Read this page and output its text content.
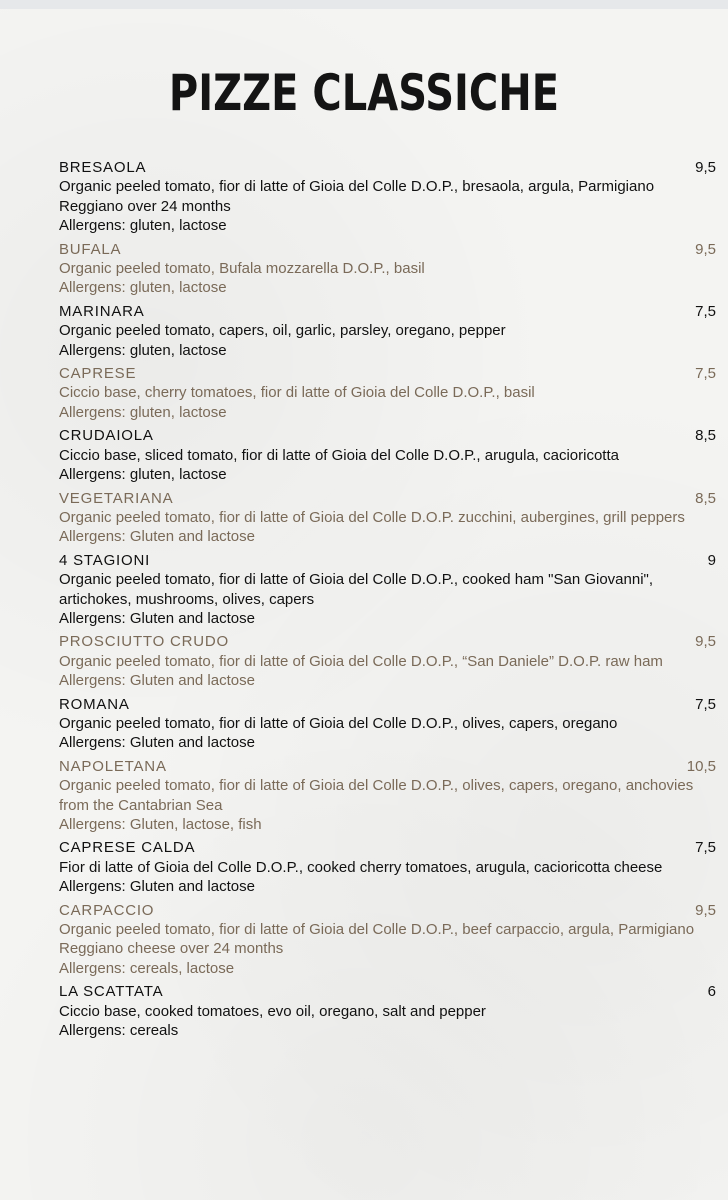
PIZZE CLASSICHE
BRESAOLA	9,5
Organic peeled tomato, fior di latte of Gioia del Colle D.O.P., bresaola, argula, Parmigiano Reggiano over 24 months
Allergens: gluten, lactose
BUFALA	9,5
Organic peeled tomato, Bufala mozzarella D.O.P., basil
Allergens: gluten, lactose
MARINARA	7,5
Organic peeled tomato, capers, oil, garlic, parsley, oregano, pepper
Allergens: gluten, lactose
CAPRESE	7,5
Ciccio base, cherry tomatoes, fior di latte of Gioia del Colle D.O.P., basil
Allergens: gluten, lactose
CRUDAIOLA	8,5
Ciccio base, sliced tomato, fior di latte of Gioia del Colle D.O.P., arugula, cacioricotta
Allergens: gluten, lactose
VEGETARIANA	8,5
Organic peeled tomato, fior di latte of Gioia del Colle D.O.P. zucchini, aubergines, grill peppers
Allergens: Gluten and lactose
4 STAGIONI	9
Organic peeled tomato, fior di latte of Gioia del Colle D.O.P., cooked ham "San Giovanni", artichokes, mushrooms, olives, capers
Allergens: Gluten and lactose
PROSCIUTTO CRUDO	9,5
Organic peeled tomato, fior di latte of Gioia del Colle D.O.P., “San Daniele” D.O.P. raw ham
Allergens: Gluten and lactose
ROMANA	7,5
Organic peeled tomato, fior di latte of Gioia del Colle D.O.P., olives, capers, oregano
Allergens: Gluten and lactose
NAPOLETANA	10,5
Organic peeled tomato, fior di latte of Gioia del Colle D.O.P., olives, capers, oregano, anchovies from the Cantabrian Sea
Allergens: Gluten, lactose, fish
CAPRESE CALDA	7,5
Fior di latte of Gioia del Colle D.O.P., cooked cherry tomatoes, arugula, cacioricotta cheese
Allergens: Gluten and lactose
CARPACCIO	9,5
Organic peeled tomato, fior di latte of Gioia del Colle D.O.P., beef carpaccio, argula, Parmigiano Reggiano cheese over 24 months
Allergens: cereals, lactose
LA SCATTATA	6
Ciccio base, cooked tomatoes, evo oil, oregano, salt and pepper
Allergens: cereals
